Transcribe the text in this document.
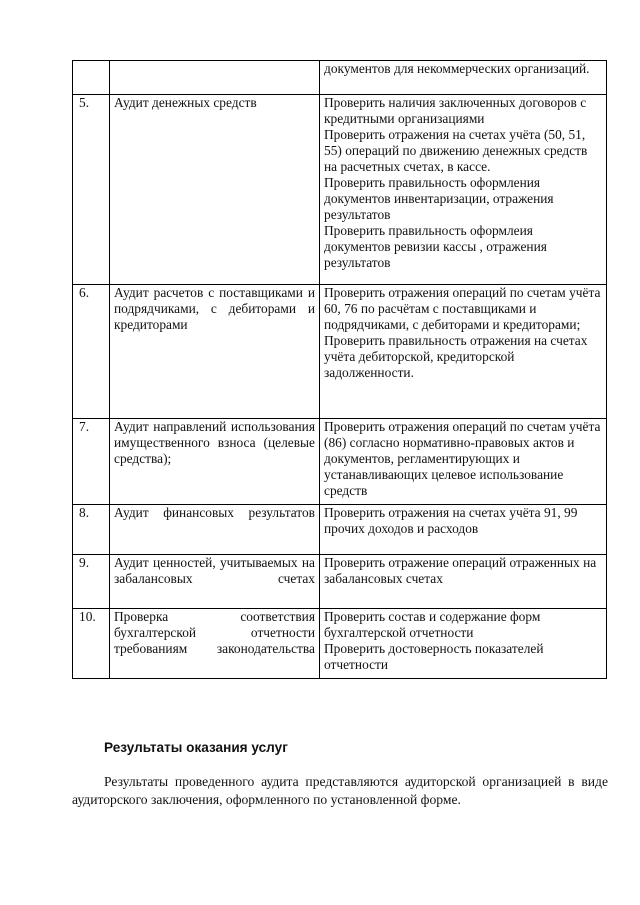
		документов для некоммерческих организаций.

5.	Аудит денежных средств	Проверить наличия заключенных договоров с кредитными организациями
Проверить отражения на счетах учёта (50, 51, 55) операций по движению денежных средств на расчетных счетах, в кассе.
Проверить правильность оформления документов инвентаризации, отражения результатов
Проверить правильность оформлеия документов ревизии кассы , отражения результатов

6.	Аудит расчетов с поставщиками и подрядчиками, с дебиторами и кредиторами	Проверить отражения операций по счетам учёта 60, 76 по расчётам с поставщиками и подрядчиками, с дебиторами и кредиторами;
Проверить правильность отражения на счетах учёта дебиторской, кредиторской задолженности.

7.	Аудит направлений использования имущественного взноса (целевые средства);	Проверить отражения операций по счетам учёта (86) согласно нормативно-правовых актов и документов, регламентирующих и устанавливающих целевое использование средств

8.	Аудит финансовых результатов	Проверить отражения на счетах учёта 91, 99 прочих доходов и расходов

9.	Аудит ценностей, учитываемых на забалансовых счетах	Проверить отражение операций отраженных на забалансовых счетах

10.	Проверка соответствия бухгалтерской отчетности требованиям законодательства	Проверить состав и содержание форм бухгалтерской отчетности
Проверить достоверность показателей отчетности
Результаты оказания услуг

Результаты проведенного аудита представляются аудиторской организацией в виде аудиторского заключения, оформленного по установленной форме.
